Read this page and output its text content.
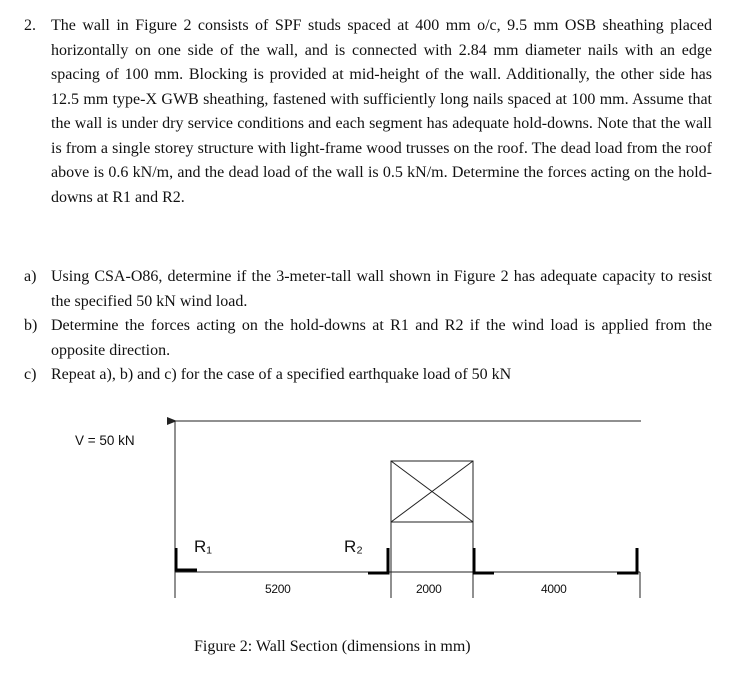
2. The wall in Figure 2 consists of SPF studs spaced at 400 mm o/c, 9.5 mm OSB sheathing placed horizontally on one side of the wall, and is connected with 2.84 mm diameter nails with an edge spacing of 100 mm. Blocking is provided at mid-height of the wall. Additionally, the other side has 12.5 mm type-X GWB sheathing, fastened with sufficiently long nails spaced at 100 mm. Assume that the wall is under dry service conditions and each segment has adequate hold-downs. Note that the wall is from a single storey structure with light-frame wood trusses on the roof. The dead load from the roof above is 0.6 kN/m, and the dead load of the wall is 0.5 kN/m. Determine the forces acting on the hold-downs at R1 and R2.

a) Using CSA-O86, determine if the 3-meter-tall wall shown in Figure 2 has adequate capacity to resist the specified 50 kN wind load.
b) Determine the forces acting on the hold-downs at R1 and R2 if the wind load is applied from the opposite direction.
c) Repeat a), b) and c) for the case of a specified earthquake load of 50 kN
V = 50 kN
R₁	R₂
5200	2000	4000
Figure 2: Wall Section (dimensions in mm)
